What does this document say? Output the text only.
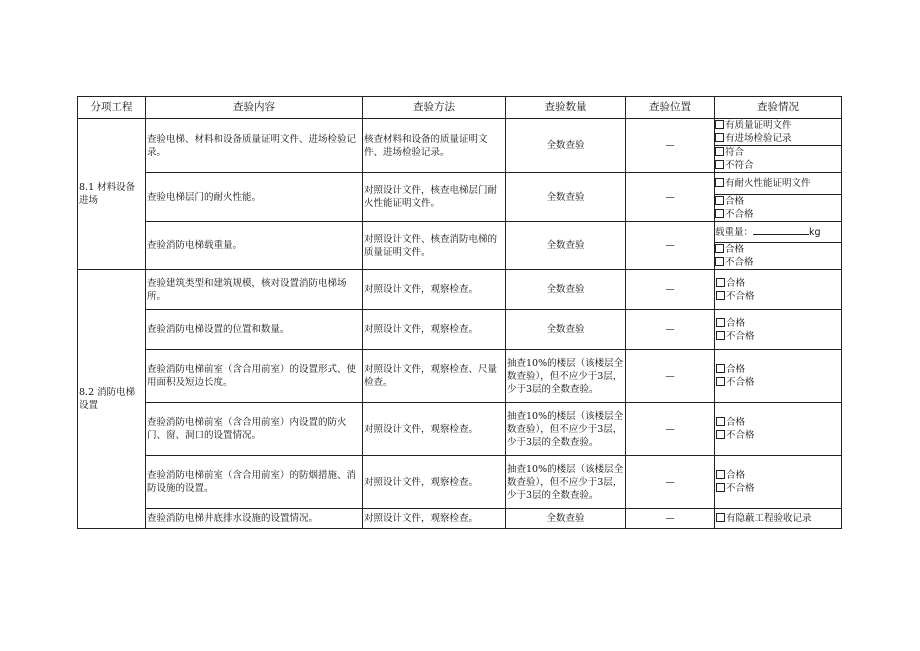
分项工程	查验内容	查验方法	查验数量	查验位置	查验情况
8.1 材料设备进场	查验电梯、材料和设备质量证明文件、进场检验记录。	核查材料和设备的质量证明文件、进场检验记录。	全数查验	—	有质量证明文件
有进场检验记录
符合
不符合

	查验电梯层门的耐火性能。	对照设计文件，核查电梯层门耐火性能证明文件。	全数查验	—	有耐火性能证明文件
合格
不合格

	查验消防电梯载重量。	对照设计文件、核查消防电梯的质量证明文件。	全数查验	—	载重量： kg
合格
不合格

8.2 消防电梯设置	查验建筑类型和建筑规模，核对设置消防电梯场所。	对照设计文件，观察检查。	全数查验	—	合格
不合格

	查验消防电梯设置的位置和数量。	对照设计文件，观察检查。	全数查验	—	合格
不合格

	查验消防电梯前室（含合用前室）的设置形式、使用面积及短边长度。	对照设计文件，观察检查、尺量检查。	抽查10%的楼层（该楼层全数查验），但不应少于3层，少于3层的全数查验。	—	合格
不合格

	查验消防电梯前室（含合用前室）内设置的防火门、窗、洞口的设置情况。	对照设计文件，观察检查。	抽查10%的楼层（该楼层全数查验），但不应少于3层，少于3层的全数查验。	—	合格
不合格

	查验消防电梯前室（含合用前室）的防烟措施、消防设施的设置。	对照设计文件，观察检查。	抽查10%的楼层（该楼层全数查验），但不应少于3层，少于3层的全数查验。	—	合格
不合格

	查验消防电梯井底排水设施的设置情况。	对照设计文件，观察检查。	全数查验	—	有隐蔽工程验收记录
